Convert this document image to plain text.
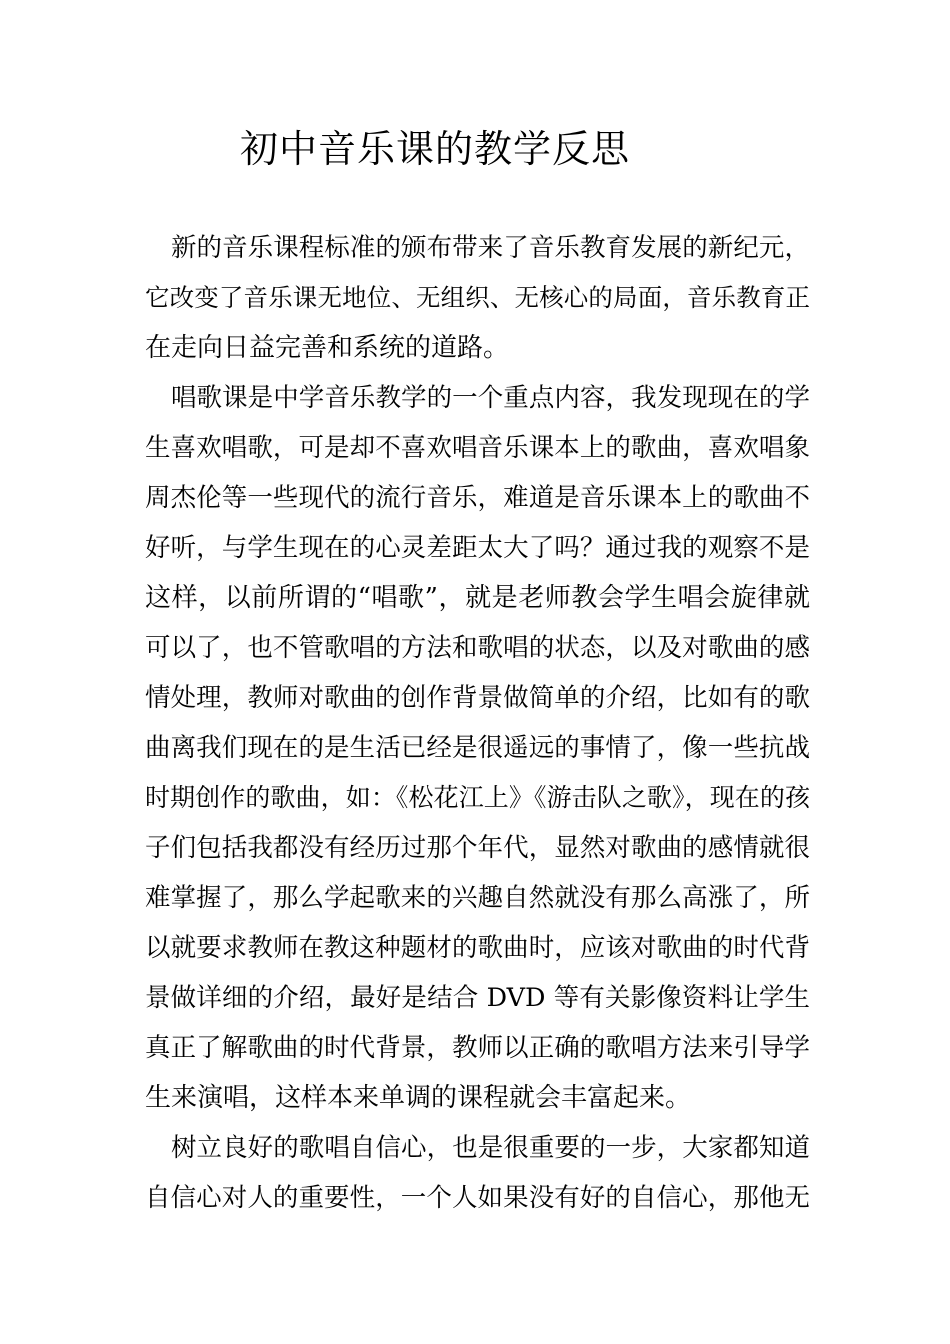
初中音乐课的教学反思
新的音乐课程标准的颁布带来了音乐教育发展的新纪元，
它改变了音乐课无地位、无组织、无核心的局面，音乐教育正
在走向日益完善和系统的道路。
唱歌课是中学音乐教学的一个重点内容，我发现现在的学
生喜欢唱歌，可是却不喜欢唱音乐课本上的歌曲，喜欢唱象
周杰伦等一些现代的流行音乐，难道是音乐课本上的歌曲不
好听，与学生现在的心灵差距太大了吗？通过我的观察不是
这样，以前所谓的“唱歌”，就是老师教会学生唱会旋律就
可以了，也不管歌唱的方法和歌唱的状态，以及对歌曲的感
情处理，教师对歌曲的创作背景做简单的介绍，比如有的歌
曲离我们现在的是生活已经是很遥远的事情了，像一些抗战
时期创作的歌曲，如：《松花江上》《游击队之歌》，现在的孩
子们包括我都没有经历过那个年代，显然对歌曲的感情就很
难掌握了，那么学起歌来的兴趣自然就没有那么高涨了，所
以就要求教师在教这种题材的歌曲时，应该对歌曲的时代背
景做详细的介绍，最好是结合 DVD 等有关影像资料让学生
真正了解歌曲的时代背景，教师以正确的歌唱方法来引导学
生来演唱，这样本来单调的课程就会丰富起来。
树立良好的歌唱自信心，也是很重要的一步，大家都知道
自信心对人的重要性，一个人如果没有好的自信心，那他无
